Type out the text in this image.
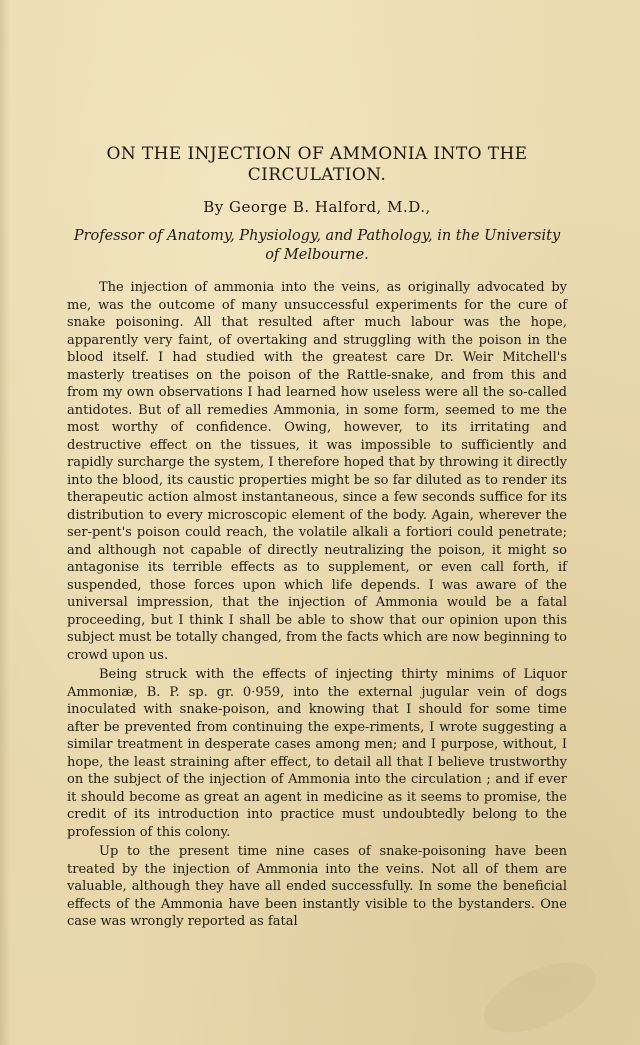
ON THE INJECTION OF AMMONIA INTO THE
CIRCULATION.

By George B. Halford, M.D.,

Professor of Anatomy, Physiology, and Pathology, in the University
of Melbourne.

The injection of ammonia into the veins, as originally advocated by me, was the outcome of many unsuccessful experiments for the cure of snake poisoning. All that resulted after much labour was the hope, apparently very faint, of overtaking and struggling with the poison in the blood itself. I had studied with the greatest care Dr. Weir Mitchell's masterly treatises on the poison of the Rattle-snake, and from this and from my own observations I had learned how useless were all the so-called antidotes. But of all remedies Ammonia, in some form, seemed to me the most worthy of confidence. Owing, however, to its irritating and destructive effect on the tissues, it was impossible to sufficiently and rapidly surcharge the system, I therefore hoped that by throwing it directly into the blood, its caustic properties might be so far diluted as to render its therapeutic action almost instantaneous, since a few seconds suffice for its distribution to every microscopic element of the body. Again, wherever the ser-pent's poison could reach, the volatile alkali a fortiori could penetrate; and although not capable of directly neutralizing the poison, it might so antagonise its terrible effects as to supplement, or even call forth, if suspended, those forces upon which life depends. I was aware of the universal impression, that the injection of Ammonia would be a fatal proceeding, but I think I shall be able to show that our opinion upon this subject must be totally changed, from the facts which are now beginning to crowd upon us.

Being struck with the effects of injecting thirty minims of Liquor Ammoniæ, B. P. sp. gr. 0·959, into the external jugular vein of dogs inoculated with snake-poison, and knowing that I should for some time after be prevented from continuing the expe-riments, I wrote suggesting a similar treatment in desperate cases among men; and I purpose, without, I hope, the least straining after effect, to detail all that I believe trustworthy on the subject of the injection of Ammonia into the circulation ; and if ever it should become as great an agent in medicine as it seems to promise, the credit of its introduction into practice must undoubtedly belong to the profession of this colony.

Up to the present time nine cases of snake-poisoning have been treated by the injection of Ammonia into the veins. Not all of them are valuable, although they have all ended successfully. In some the beneficial effects of the Ammonia have been instantly visible to the bystanders. One case was wrongly reported as fatal
